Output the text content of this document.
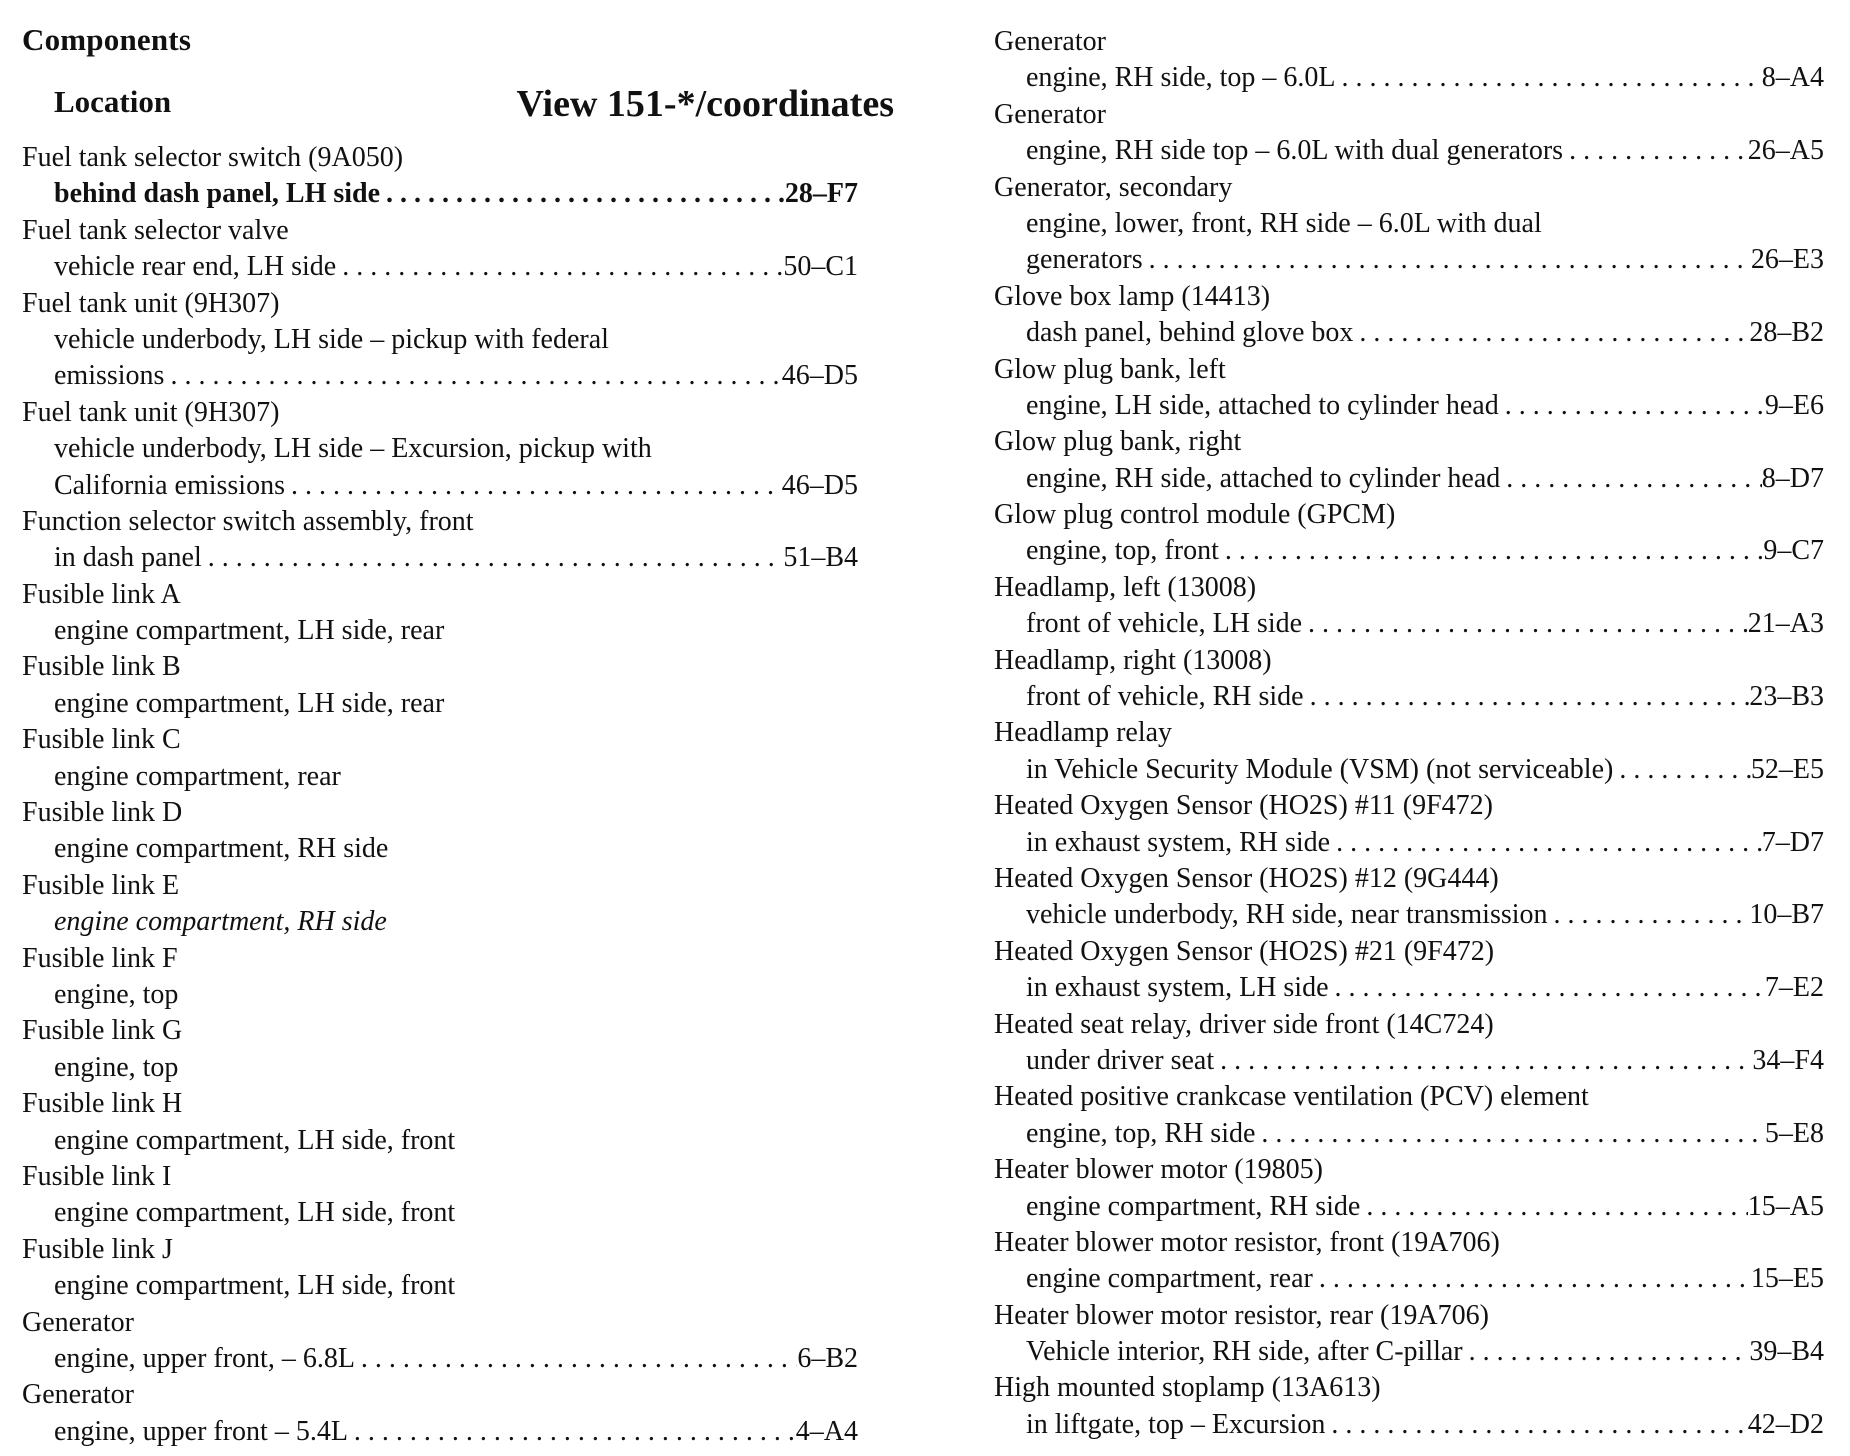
Components
Location	View 151-*/coordinates
Fuel tank selector switch (9A050)
behind dash panel, LH side . . .	28–F7
Fuel tank selector valve
vehicle rear end, LH side . . .	50–C1
Fuel tank unit (9H307)
vehicle underbody, LH side – pickup with federal
emissions . . .	46–D5
Fuel tank unit (9H307)
vehicle underbody, LH side – Excursion, pickup with
California emissions . . .	46–D5
Function selector switch assembly, front
in dash panel . . .	51–B4
Fusible link A
engine compartment, LH side, rear
Fusible link B
engine compartment, LH side, rear
Fusible link C
engine compartment, rear
Fusible link D
engine compartment, RH side
Fusible link E
engine compartment, RH side
Fusible link F
engine, top
Fusible link G
engine, top
Fusible link H
engine compartment, LH side, front
Fusible link I
engine compartment, LH side, front
Fusible link J
engine compartment, LH side, front
Generator
engine, upper front, – 6.8L . . .	6–B2
Generator
engine, upper front – 5.4L . . .	4–A4
Generator
engine, RH side, top – 6.0L . . .	8–A4
Generator
engine, RH side top – 6.0L with dual generators . . .	26–A5
Generator, secondary
engine, lower, front, RH side – 6.0L with dual
generators . . .	26–E3
Glove box lamp (14413)
dash panel, behind glove box . . .	28–B2
Glow plug bank, left
engine, LH side, attached to cylinder head . . .	9–E6
Glow plug bank, right
engine, RH side, attached to cylinder head . . .	8–D7
Glow plug control module (GPCM)
engine, top, front . . .	9–C7
Headlamp, left (13008)
front of vehicle, LH side . . .	21–A3
Headlamp, right (13008)
front of vehicle, RH side . . .	23–B3
Headlamp relay
in Vehicle Security Module (VSM) (not serviceable) . . .	52–E5
Heated Oxygen Sensor (HO2S) #11 (9F472)
in exhaust system, RH side . . .	7–D7
Heated Oxygen Sensor (HO2S) #12 (9G444)
vehicle underbody, RH side, near transmission . . .	10–B7
Heated Oxygen Sensor (HO2S) #21 (9F472)
in exhaust system, LH side . . .	7–E2
Heated seat relay, driver side front (14C724)
under driver seat . . .	34–F4
Heated positive crankcase ventilation (PCV) element
engine, top, RH side . . .	5–E8
Heater blower motor (19805)
engine compartment, RH side . . .	15–A5
Heater blower motor resistor, front (19A706)
engine compartment, rear . . .	15–E5
Heater blower motor resistor, rear (19A706)
Vehicle interior, RH side, after C-pillar . . .	39–B4
High mounted stoplamp (13A613)
in liftgate, top – Excursion . . .	42–D2
